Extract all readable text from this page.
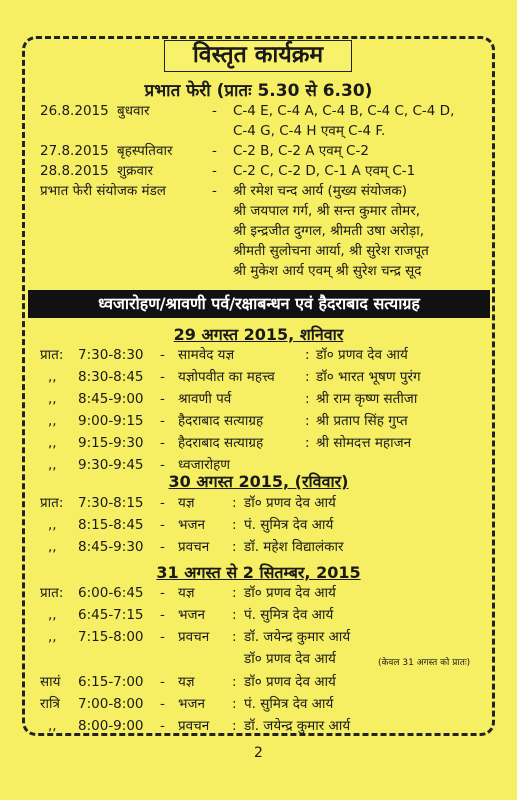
विस्तृत कार्यक्रम
प्रभात फेरी (प्रातः 5.30 से 6.30)
26.8.2015 बुधवार	- C-4 E, C-4 A, C-4 B, C-4 C, C-4 D,
C-4 G, C-4 H एवम् C-4 F.
27.8.2015 बृहस्पतिवार	- C-2 B, C-2 A एवम् C-2
28.8.2015 शुक्रवार	- C-2 C, C-2 D, C-1 A एवम् C-1
प्रभात फेरी संयोजक मंडल	- श्री रमेश चन्द आर्य (मुख्य संयोजक)
श्री जयपाल गर्ग, श्री सन्त कुमार तोमर,
श्री इन्द्रजीत दुग्गल, श्रीमती उषा अरोड़ा,
श्रीमती सुलोचना आर्या, श्री सुरेश राजपूत
श्री मुकेश आर्य एवम् श्री सुरेश चन्द्र सूद
ध्वजारोहण/श्रावणी पर्व/रक्षाबन्धन एवं हैदराबाद सत्याग्रह
29 अगस्त 2015, शनिवार
प्रात: 7:30-8:30 - सामवेद यज्ञ	: डॉ० प्रणव देव आर्य
,, 8:30-8:45 - यज्ञोपवीत का महत्त्व : डॉ० भारत भूषण पुरंग
,, 8:45-9:00 - श्रावणी पर्व	: श्री राम कृष्ण सतीजा
,, 9:00-9:15 - हैदराबाद सत्याग्रह	: श्री प्रताप सिंह गुप्त
,, 9:15-9:30 - हैदराबाद सत्याग्रह	: श्री सोमदत्त महाजन
,, 9:30-9:45 - ध्वजारोहण
30 अगस्त 2015, (रविवार)
प्रात: 7:30-8:15 - यज्ञ	: डॉ० प्रणव देव आर्य
,, 8:15-8:45 - भजन : पं. सुमित्र देव आर्य
,, 8:45-9:30 - प्रवचन : डॉ. महेश विद्यालंकार
31 अगस्त से 2 सितम्बर, 2015
प्रात: 6:00-6:45 - यज्ञ	: डॉ० प्रणव देव आर्य
,, 6:45-7:15 - भजन : पं. सुमित्र देव आर्य
,, 7:15-8:00 - प्रवचन : डॉ. जयेन्द्र कुमार आर्य
डॉ० प्रणव देव आर्य	(केवल 31 अगस्त को प्रातः)
सायं 6:15-7:00 - यज्ञ	: डॉ० प्रणव देव आर्य
रात्रि 7:00-8:00 - भजन : पं. सुमित्र देव आर्य
,, 8:00-9:00 - प्रवचन : डॉ. जयेन्द्र कुमार आर्य
2
